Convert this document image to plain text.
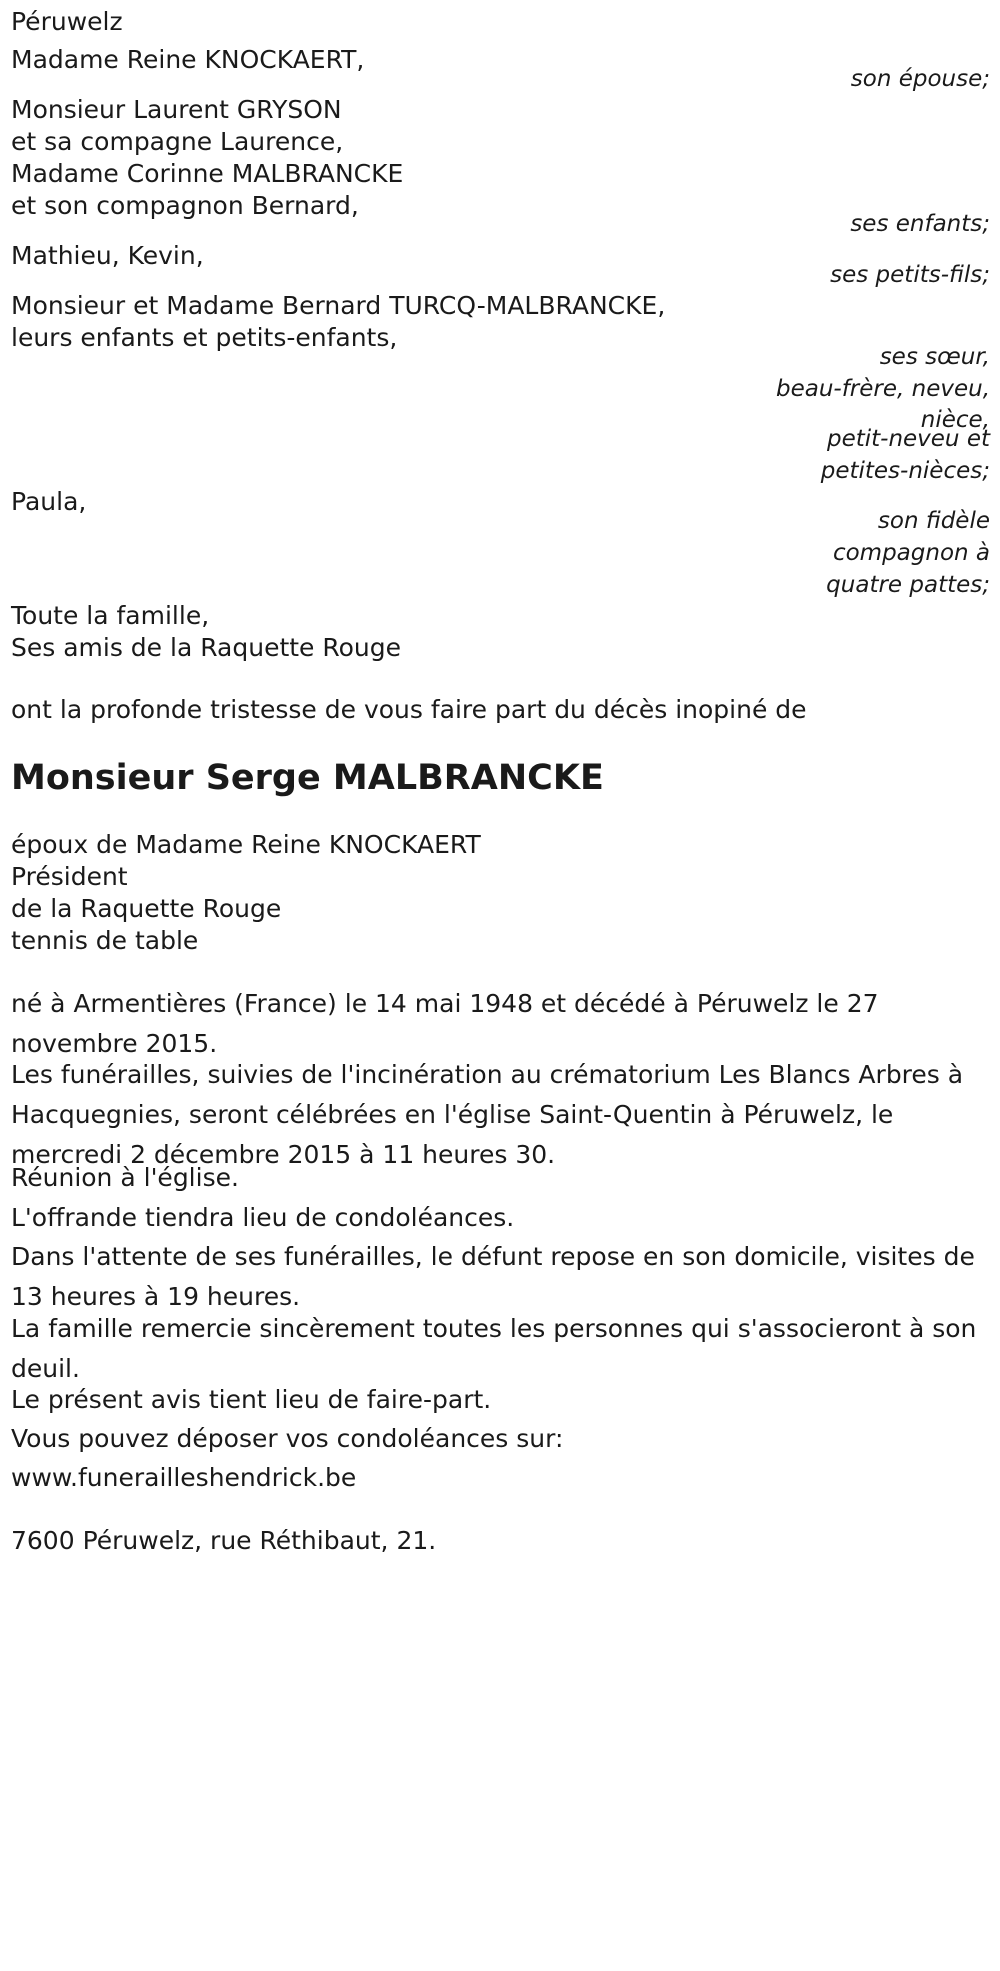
Péruwelz
Madame Reine KNOCKAERT,
son épouse;
Monsieur Laurent GRYSON
et sa compagne Laurence,
Madame Corinne MALBRANCKE
et son compagnon Bernard,
ses enfants;
Mathieu, Kevin,
ses petits-fils;
Monsieur et Madame Bernard TURCQ-MALBRANCKE,
leurs enfants et petits-enfants,
ses sœur,
beau-frère, neveu,
nièce,
petit-neveu et
petites-nièces;
Paula,
son fidèle
compagnon à
quatre pattes;
Toute la famille,
Ses amis de la Raquette Rouge
ont la profonde tristesse de vous faire part du décès inopiné de
Monsieur Serge MALBRANCKE
époux de Madame Reine KNOCKAERT
Président
de la Raquette Rouge
tennis de table
né à Armentières (France) le 14 mai 1948 et décédé à Péruwelz le 27 novembre 2015.
Les funérailles, suivies de l'incinération au crématorium Les Blancs Arbres à Hacquegnies, seront célébrées en l'église Saint-Quentin à Péruwelz, le mercredi 2 décembre 2015 à 11 heures 30.
Réunion à l'église.
L'offrande tiendra lieu de condoléances.
Dans l'attente de ses funérailles, le défunt repose en son domicile, visites de 13 heures à 19 heures.
La famille remercie sincèrement toutes les personnes qui s'associeront à son deuil.
Le présent avis tient lieu de faire-part.
Vous pouvez déposer vos condoléances sur:
www.funerailleshendrick.be
7600 Péruwelz, rue Réthibaut, 21.
